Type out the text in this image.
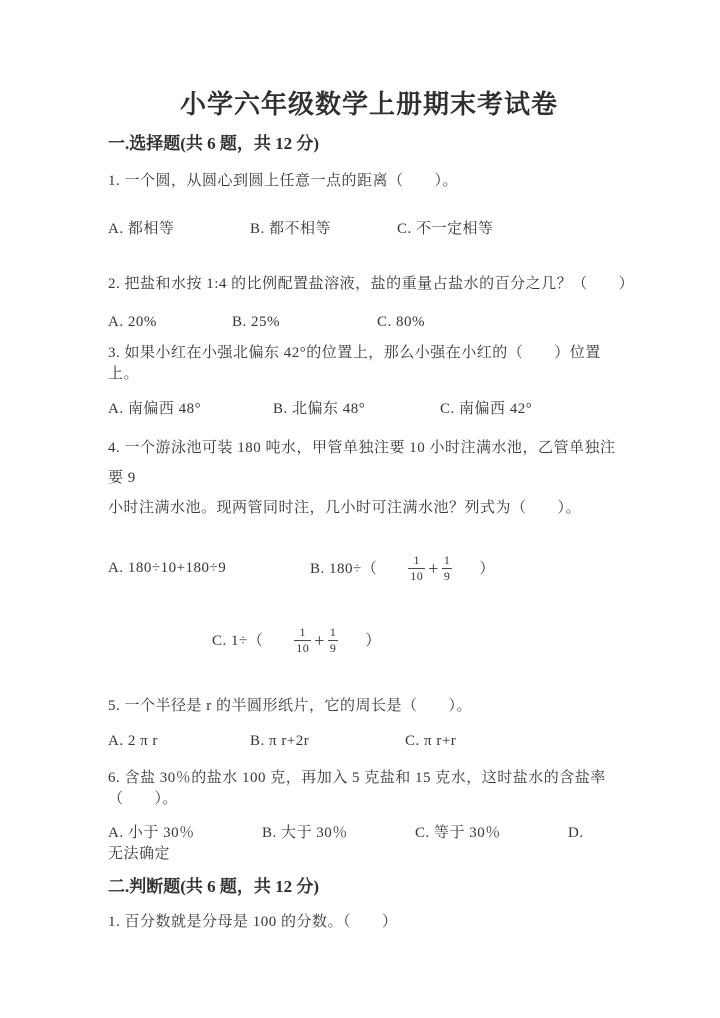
小学六年级数学上册期末考试卷
一.选择题(共 6 题，共 12 分)

1. 一个圆，从圆心到圆上任意一点的距离（　　）。

A. 都相等	B. 都不相等	C. 不一定相等

2. 把盐和水按 1:4 的比例配置盐溶液，盐的重量占盐水的百分之几？（　　）

A. 20%	B. 25%	C. 80%

3. 如果小红在小强北偏东 42°的位置上，那么小强在小红的（　　）位置
上。

A. 南偏西 48°	B. 北偏东 48°	C. 南偏西 42°

4. 一个游泳池可装 180 吨水，甲管单独注要 10 小时注满水池，乙管单独注要 9
小时注满水池。现两管同时注，几小时可注满水池？列式为（　　）。

A. 180÷10+180÷9	B. 180÷（	$\frac{1}{10} + \frac{1}{9}$ ）
C. 1÷（	$\frac{1}{10} + \frac{1}{9}$ ）

5. 一个半径是 r 的半圆形纸片，它的周长是（　　）。

A. 2 π r	B. π r+2r	C. π r+r

6. 含盐 30％的盐水 100 克，再加入 5 克盐和 15 克水，这时盐水的含盐率
（　　）。

A. 小于 30％	B. 大于 30％	C. 等于 30％	D.

无法确定

二.判断题(共 6 题，共 12 分)

1. 百分数就是分母是 100 的分数。（　　）
